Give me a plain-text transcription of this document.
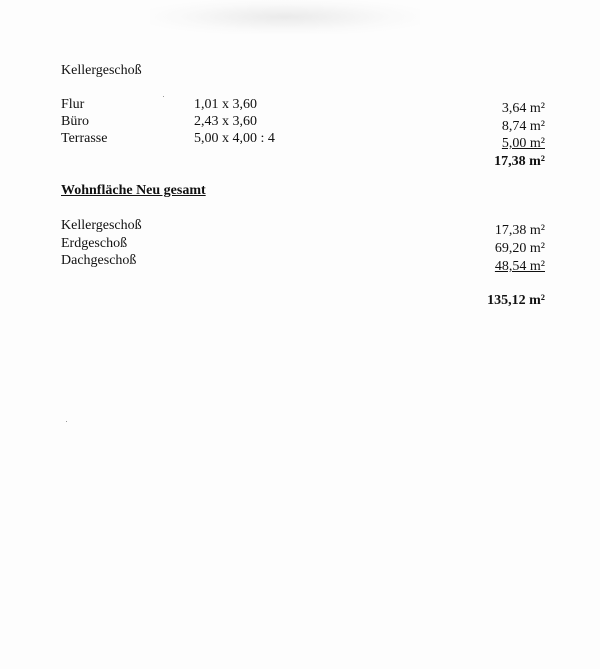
Kellergeschoß
Flur	1,01 x 3,60	3,64 m²
Büro	2,43 x 3,60	8,74 m²
Terrasse	5,00 x 4,00 : 4	5,00 m²
17,38 m²
Wohnfläche Neu gesamt
Kellergeschoß	17,38 m²
Erdgeschoß	69,20 m²
Dachgeschoß	48,54 m²
135,12 m²
